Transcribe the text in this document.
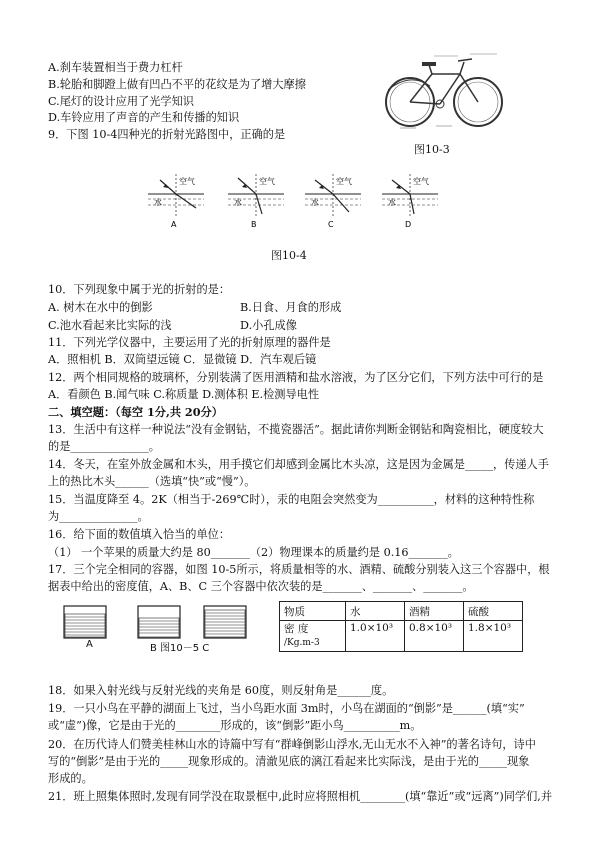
A.刹车装置相当于费力杠杆
B.轮胎和脚蹬上做有凹凸不平的花纹是为了增大摩擦
C.尾灯的设计应用了光学知识
D.车铃应用了声音的产生和传播的知识
9．下图 10-4四种光的折射光路图中，正确的是
图10-3
空气
水
A
空气
水
B
空气
水
C
空气
水
D
图10-4
10．下列现象中属于光的折射的是：
A. 树木在水中的倒影	B.日食、月食的形成
C.池水看起来比实际的浅	D.小孔成像
11．下列光学仪器中，主要运用了光的折射原理的器件是
A．照相机 B．双筒望远镜 C．显微镜 D．汽车观后镜
12．两个相同规格的玻璃杯，分别装满了医用酒精和盐水溶液，为了区分它们，下列方法中可行的是
A．看颜色 B.闻气味 C.称质量 D.测体积 E.检测导电性
二、填空题：（每空 1分,共 20分）
13．生活中有这样一种说法“没有金钢钻，不揽瓷器活”。据此请你判断金钢钻和陶瓷相比，硬度较大
的是______________。
14．冬天，在室外放金属和木头，用手摸它们却感到金属比木头凉，这是因为金属是_____，传递人手
上的热比木头______（选填“快”或“慢”）。
15．当温度降至 4。2K（相当于-269℃时），汞的电阻会突然变为__________，材料的这种特性称
为______________。
16．给下面的数值填入恰当的单位：
（1） 一个苹果的质量大约是 80_______（2）物理课本的质量约是 0.16_______。
17．三个完全相同的容器，如图 10-5所示，将质量相等的水、酒精、硫酸分别装入这三个容器中，根
据表中给出的密度值，A、B、C 三个容器中依次装的是_______、_______、_______。
A	B 图10－5 C
物质	水	酒精	硫酸

密 度
/Kg.m-3	1.0×10³	0.8×10³	1.8×10³
18．如果入射光线与反射光线的夹角是 60度，则反射角是______度。
19．一只小鸟在平静的湖面上飞过，当小鸟距水面 3m时，小鸟在湖面的“倒影”是______(填“实”
或“虚”)像，它是由于光的________形成的，该“倒影”距小鸟__________m。
20．在历代诗人们赞美桂林山水的诗篇中写有“群峰倒影山浮水,无山无水不入神”的著名诗句，诗中
写的“倒影”是由于光的_____现象形成的。清澈见底的漓江看起来比实际浅，是由于光的_____现象
形成的。
21．班上照集体照时,发现有同学没在取景框中,此时应将照相机________(填“靠近”或“远离”)同学们,并
